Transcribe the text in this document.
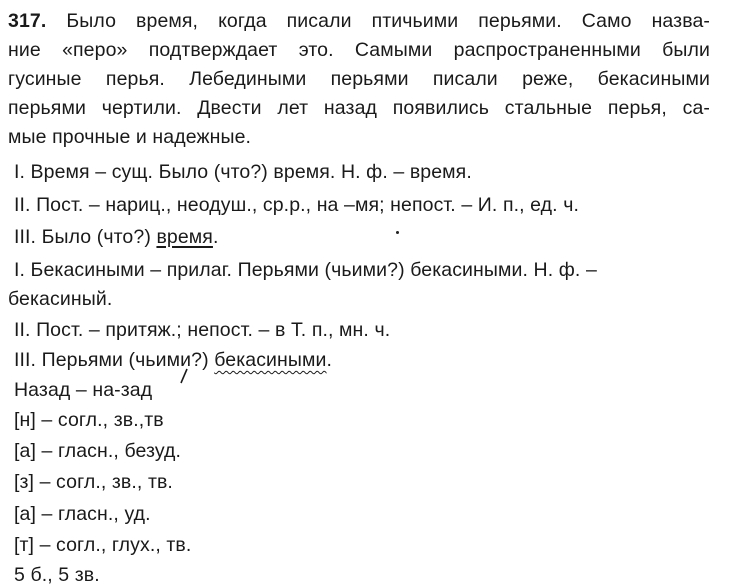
317. Было время, когда писали птичьими перьями. Само назва-
ние «перо» подтверждает это. Самыми распространенными были
гусиные перья. Лебедиными перьями писали реже, бекасиными
перьями чертили. Двести лет назад появились стальные перья, са-
мые прочные и надежные.
I. Время – сущ. Было (что?) время. Н. ф. – время.
II. Пост. – нариц., неодуш., ср.р., на –мя; непост. – И. п., ед. ч.
III. Было (что?) время.
I. Бекасиными – прилаг. Перьями (чьими?) бекасиными. Н. ф. –
бекасиный.
II. Пост. – притяж.; непост. – в Т. п., мн. ч.
III. Перьями (чьими?) бекасиными.
Назад – на-зад
[н] – согл., зв.,тв
[а] – гласн., безуд.
[з] – согл., зв., тв.
[а] – гласн., уд.
[т] – согл., глух., тв.
5 б., 5 зв.
